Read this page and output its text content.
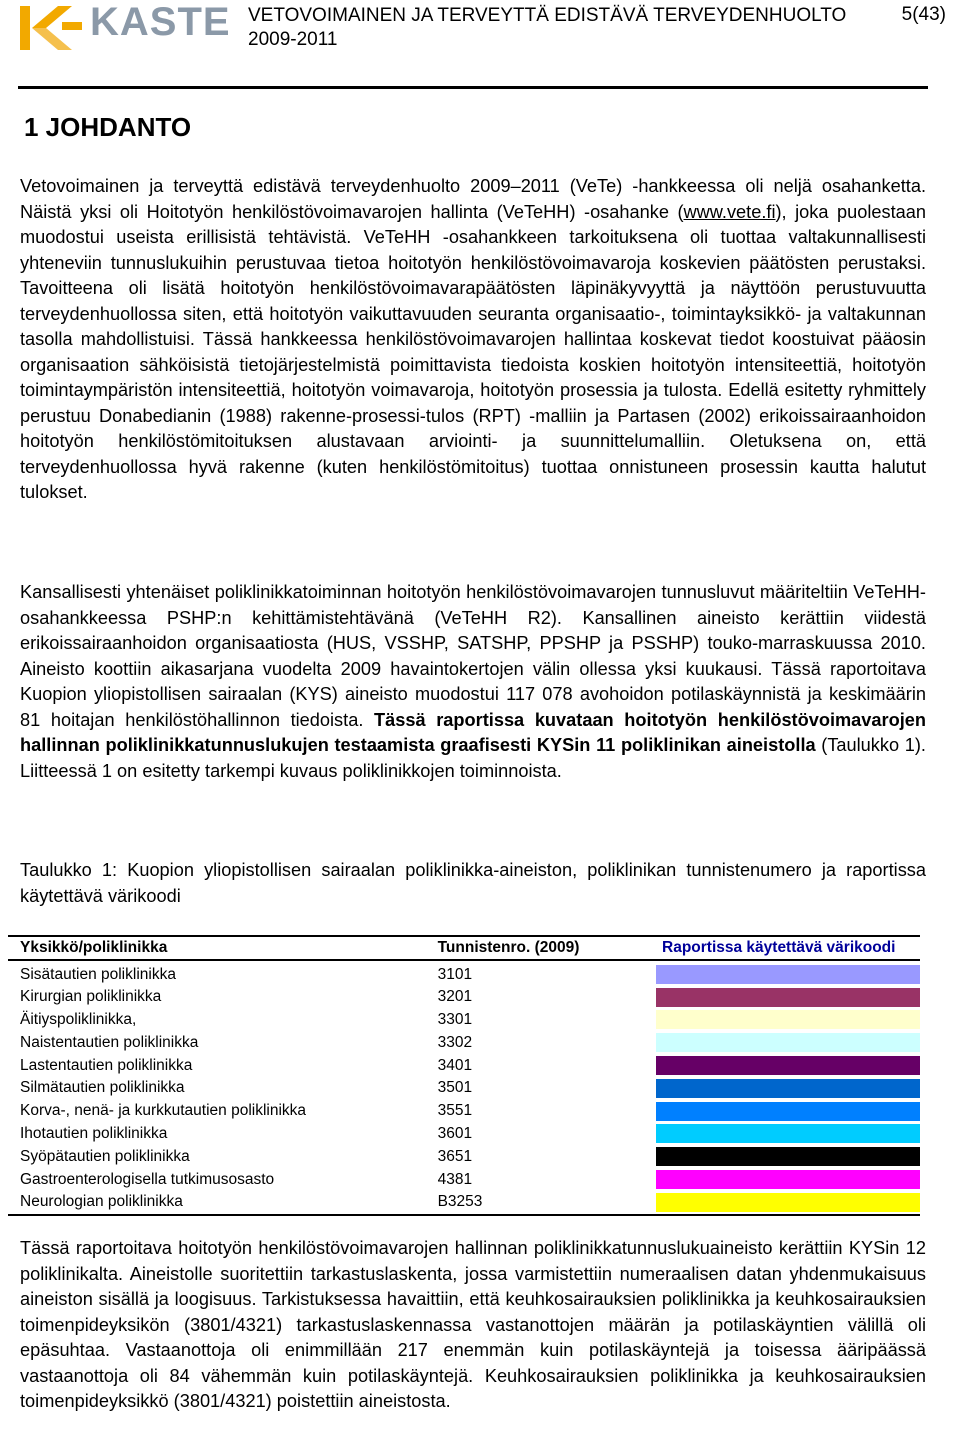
KASTE VETOVOIMAINEN JA TERVEYTTÄ EDISTÄVÄ TERVEYDENHUOLTO
2009-2011
5(43)
1 JOHDANTO

Vetovoimainen ja terveyttä edistävä terveydenhuolto 2009–2011 (VeTe) -hankkeessa oli neljä osahanketta. Näistä yksi oli Hoitotyön henkilöstövoimavarojen hallinta (VeTeHH) -osahanke (www.vete.fi), joka puolestaan muodostui useista erillisistä tehtävistä. VeTeHH -osahankkeen tarkoituksena oli tuottaa valtakunnallisesti yhteneviin tunnuslukuihin perustuvaa tietoa hoitotyön henkilöstövoimavaroja koskevien päätösten perustaksi. Tavoitteena oli lisätä hoitotyön henkilöstövoimavarapäätösten läpinäkyvyyttä ja näyttöön perustuvuutta terveydenhuollossa siten, että hoitotyön vaikuttavuuden seuranta organisaatio-, toimintayksikkö- ja valtakunnan tasolla mahdollistuisi. Tässä hankkeessa henkilöstövoimavarojen hallintaa koskevat tiedot koostuivat pääosin organisaation sähköisistä tietojärjestelmistä poimittavista tiedoista koskien hoitotyön intensiteettiä, hoitotyön toimintaympäristön intensiteettiä, hoitotyön voimavaroja, hoitotyön prosessia ja tulosta. Edellä esitetty ryhmittely perustuu Donabedianin (1988) rakenne-prosessi-tulos (RPT) -malliin ja Partasen (2002) erikoissairaanhoidon hoitotyön henkilöstömitoituksen alustavaan arviointi- ja suunnittelumalliin. Oletuksena on, että terveydenhuollossa hyvä rakenne (kuten henkilöstömitoitus) tuottaa onnistuneen prosessin kautta halutut tulokset.

Kansallisesti yhtenäiset poliklinikkatoiminnan hoitotyön henkilöstövoimavarojen tunnusluvut määriteltiin VeTeHH-osahankkeessa PSHP:n kehittämistehtävänä (VeTeHH R2). Kansallinen aineisto kerättiin viidestä erikoissairaanhoidon organisaatiosta (HUS, VSSHP, SATSHP, PPSHP ja PSSHP) touko-marraskuussa 2010. Aineisto koottiin aikasarjana vuodelta 2009 havaintokertojen välin ollessa yksi kuukausi. Tässä raportoitava Kuopion yliopistollisen sairaalan (KYS) aineisto muodostui 117 078 avohoidon potilaskäynnistä ja keskimäärin 81 hoitajan henkilöstöhallinnon tiedoista. Tässä raportissa kuvataan hoitotyön henkilöstövoimavarojen hallinnan poliklinikkatunnuslukujen testaamista graafisesti KYSin 11 poliklinikan aineistolla (Taulukko 1). Liitteessä 1 on esitetty tarkempi kuvaus poliklinikkojen toiminnoista.

Taulukko 1: Kuopion yliopistollisen sairaalan poliklinikka-aineiston, poliklinikan tunnistenumero ja raportissa käytettävä värikoodi

Yksikkö/poliklinikka	Tunnistenro. (2009)	Raportissa käytettävä värikoodi
Sisätautien poliklinikka	3101	

Kirurgian poliklinikka	3201	

Äitiyspoliklinikka,	3301	

Naistentautien poliklinikka	3302	

Lastentautien poliklinikka	3401	

Silmätautien poliklinikka	3501	

Korva-, nenä- ja kurkkutautien poliklinikka	3551	

Ihotautien poliklinikka	3601	

Syöpätautien poliklinikka	3651	

Gastroenterologisella tutkimusosasto	4381	

Neurologian poliklinikka	B3253	

Tässä raportoitava hoitotyön henkilöstövoimavarojen hallinnan poliklinikkatunnuslukuaineisto kerättiin KYSin 12 poliklinikalta. Aineistolle suoritettiin tarkastuslaskenta, jossa varmistettiin numeraalisen datan yhdenmukaisuus aineiston sisällä ja loogisuus. Tarkistuksessa havaittiin, että keuhkosairauksien poliklinikka ja keuhkosairauksien toimenpideyksikön (3801/4321) tarkastuslaskennassa vastanottojen määrän ja potilaskäyntien välillä oli epäsuhtaa. Vastaanottoja oli enimmillään 217 enemmän kuin potilaskäyntejä ja toisessa ääripäässä vastaanottoja oli 84 vähemmän kuin potilaskäyntejä. Keuhkosairauksien poliklinikka ja keuhkosairauksien toimenpideyksikkö (3801/4321) poistettiin aineistosta.
